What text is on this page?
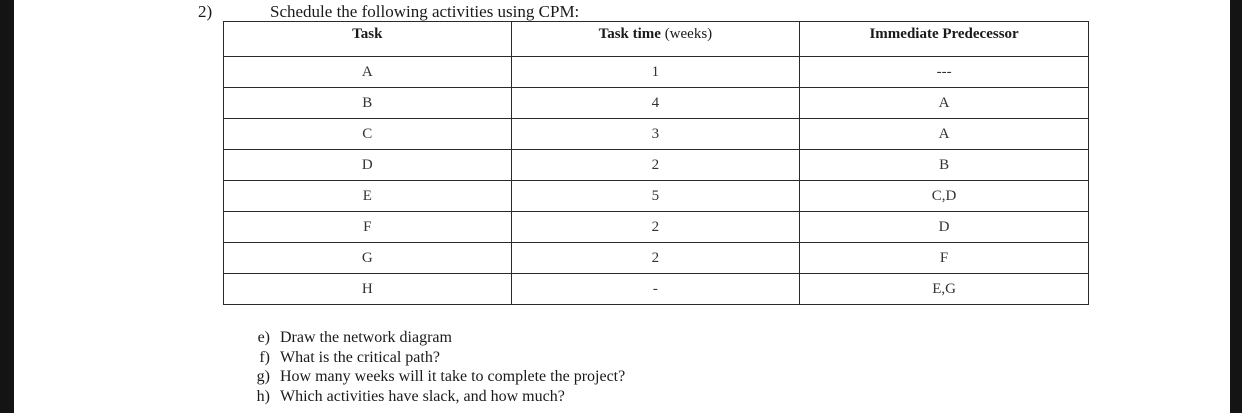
2)	Schedule the following activities using CPM:
Task	Task time (weeks)	Immediate Predecessor
A	1	---
B	4	A
C	3	A
D	2	B
E	5	C,D
F	2	D
G	2	F
H	-	E,G
e) Draw the network diagram
f) What is the critical path?
g) How many weeks will it take to complete the project?
h) Which activities have slack, and how much?
